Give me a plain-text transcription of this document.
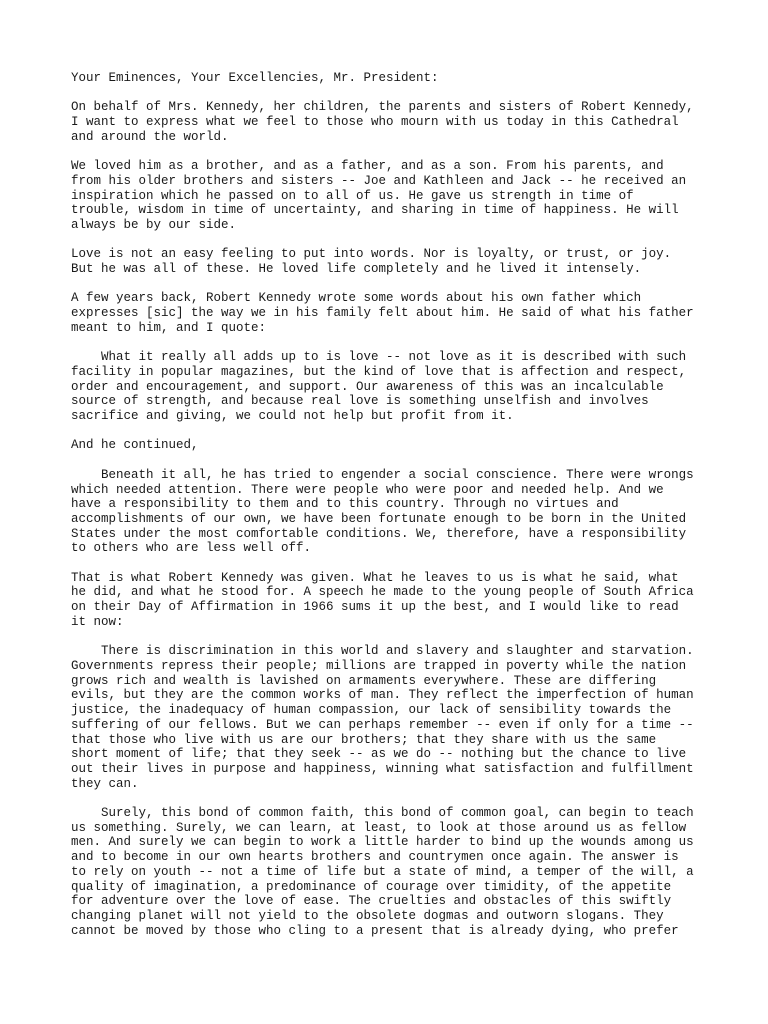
Your Eminences, Your Excellencies, Mr. President:
On behalf of Mrs. Kennedy, her children, the parents and sisters of Robert Kennedy,
I want to express what we feel to those who mourn with us today in this Cathedral
and around the world.
We loved him as a brother, and as a father, and as a son. From his parents, and
from his older brothers and sisters -- Joe and Kathleen and Jack -- he received an
inspiration which he passed on to all of us. He gave us strength in time of
trouble, wisdom in time of uncertainty, and sharing in time of happiness. He will
always be by our side.
Love is not an easy feeling to put into words. Nor is loyalty, or trust, or joy.
But he was all of these. He loved life completely and he lived it intensely.
A few years back, Robert Kennedy wrote some words about his own father which
expresses [sic] the way we in his family felt about him. He said of what his father
meant to him, and I quote:
What it really all adds up to is love -- not love as it is described with such
facility in popular magazines, but the kind of love that is affection and respect,
order and encouragement, and support. Our awareness of this was an incalculable
source of strength, and because real love is something unselfish and involves
sacrifice and giving, we could not help but profit from it.
And he continued,
Beneath it all, he has tried to engender a social conscience. There were wrongs
which needed attention. There were people who were poor and needed help. And we
have a responsibility to them and to this country. Through no virtues and
accomplishments of our own, we have been fortunate enough to be born in the United
States under the most comfortable conditions. We, therefore, have a responsibility
to others who are less well off.
That is what Robert Kennedy was given. What he leaves to us is what he said, what
he did, and what he stood for. A speech he made to the young people of South Africa
on their Day of Affirmation in 1966 sums it up the best, and I would like to read
it now:
There is discrimination in this world and slavery and slaughter and starvation.
Governments repress their people; millions are trapped in poverty while the nation
grows rich and wealth is lavished on armaments everywhere. These are differing
evils, but they are the common works of man. They reflect the imperfection of human
justice, the inadequacy of human compassion, our lack of sensibility towards the
suffering of our fellows. But we can perhaps remember -- even if only for a time --
that those who live with us are our brothers; that they share with us the same
short moment of life; that they seek -- as we do -- nothing but the chance to live
out their lives in purpose and happiness, winning what satisfaction and fulfillment
they can.
Surely, this bond of common faith, this bond of common goal, can begin to teach
us something. Surely, we can learn, at least, to look at those around us as fellow
men. And surely we can begin to work a little harder to bind up the wounds among us
and to become in our own hearts brothers and countrymen once again. The answer is
to rely on youth -- not a time of life but a state of mind, a temper of the will, a
quality of imagination, a predominance of courage over timidity, of the appetite
for adventure over the love of ease. The cruelties and obstacles of this swiftly
changing planet will not yield to the obsolete dogmas and outworn slogans. They
cannot be moved by those who cling to a present that is already dying, who prefer
